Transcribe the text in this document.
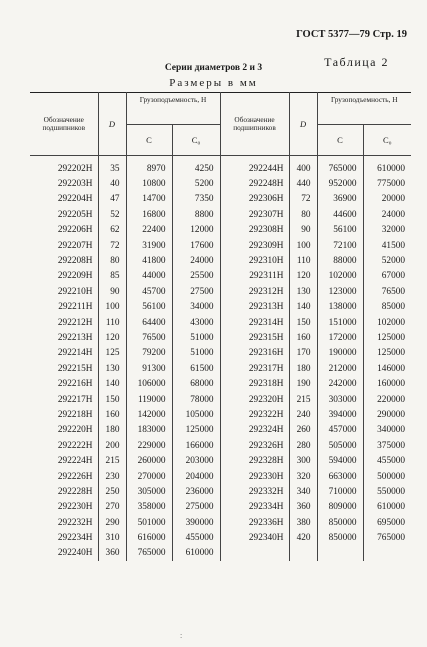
ГОСТ 5377—79 Стр. 19
Таблица 2
Серии диаметров 2 и 3
Размеры в мм
Обозначение подшипников	D	Грузоподъемность, Н		Обозначение подшипников	D	Грузоподъемность, Н	
		C	C₀			C	C₀
292202Н	35	8970	4250	292244Н	400	765000	610000
292203Н	40	10800	5200	292248Н	440	952000	775000
292204Н	47	14700	7350	292306Н	72	36900	20000
292205Н	52	16800	8800	292307Н	80	44600	24000
292206Н	62	22400	12000	292308Н	90	56100	32000
292207Н	72	31900	17600	292309Н	100	72100	41500
292208Н	80	41800	24000	292310Н	110	88000	52000
292209Н	85	44000	25500	292311Н	120	102000	67000
292210Н	90	45700	27500	292312Н	130	123000	76500
292211Н	100	56100	34000	292313Н	140	138000	85000
292212Н	110	64400	43000	292314Н	150	151000	102000
292213Н	120	76500	51000	292315Н	160	172000	125000
292214Н	125	79200	51000	292316Н	170	190000	125000
292215Н	130	91300	61500	292317Н	180	212000	146000
292216Н	140	106000	68000	292318Н	190	242000	160000
292217Н	150	119000	78000	292320Н	215	303000	220000
292218Н	160	142000	105000	292322Н	240	394000	290000
292220Н	180	183000	125000	292324Н	260	457000	340000
292222Н	200	229000	166000	292326Н	280	505000	375000
292224Н	215	260000	203000	292328Н	300	594000	455000
292226Н	230	270000	204000	292330Н	320	663000	500000
292228Н	250	305000	236000	292332Н	340	710000	550000
292230Н	270	358000	275000	292334Н	360	809000	610000
292232Н	290	501000	390000	292336Н	380	850000	695000
292234Н	310	616000	455000	292340Н	420	850000	765000
292240Н	360	765000	610000				
:
